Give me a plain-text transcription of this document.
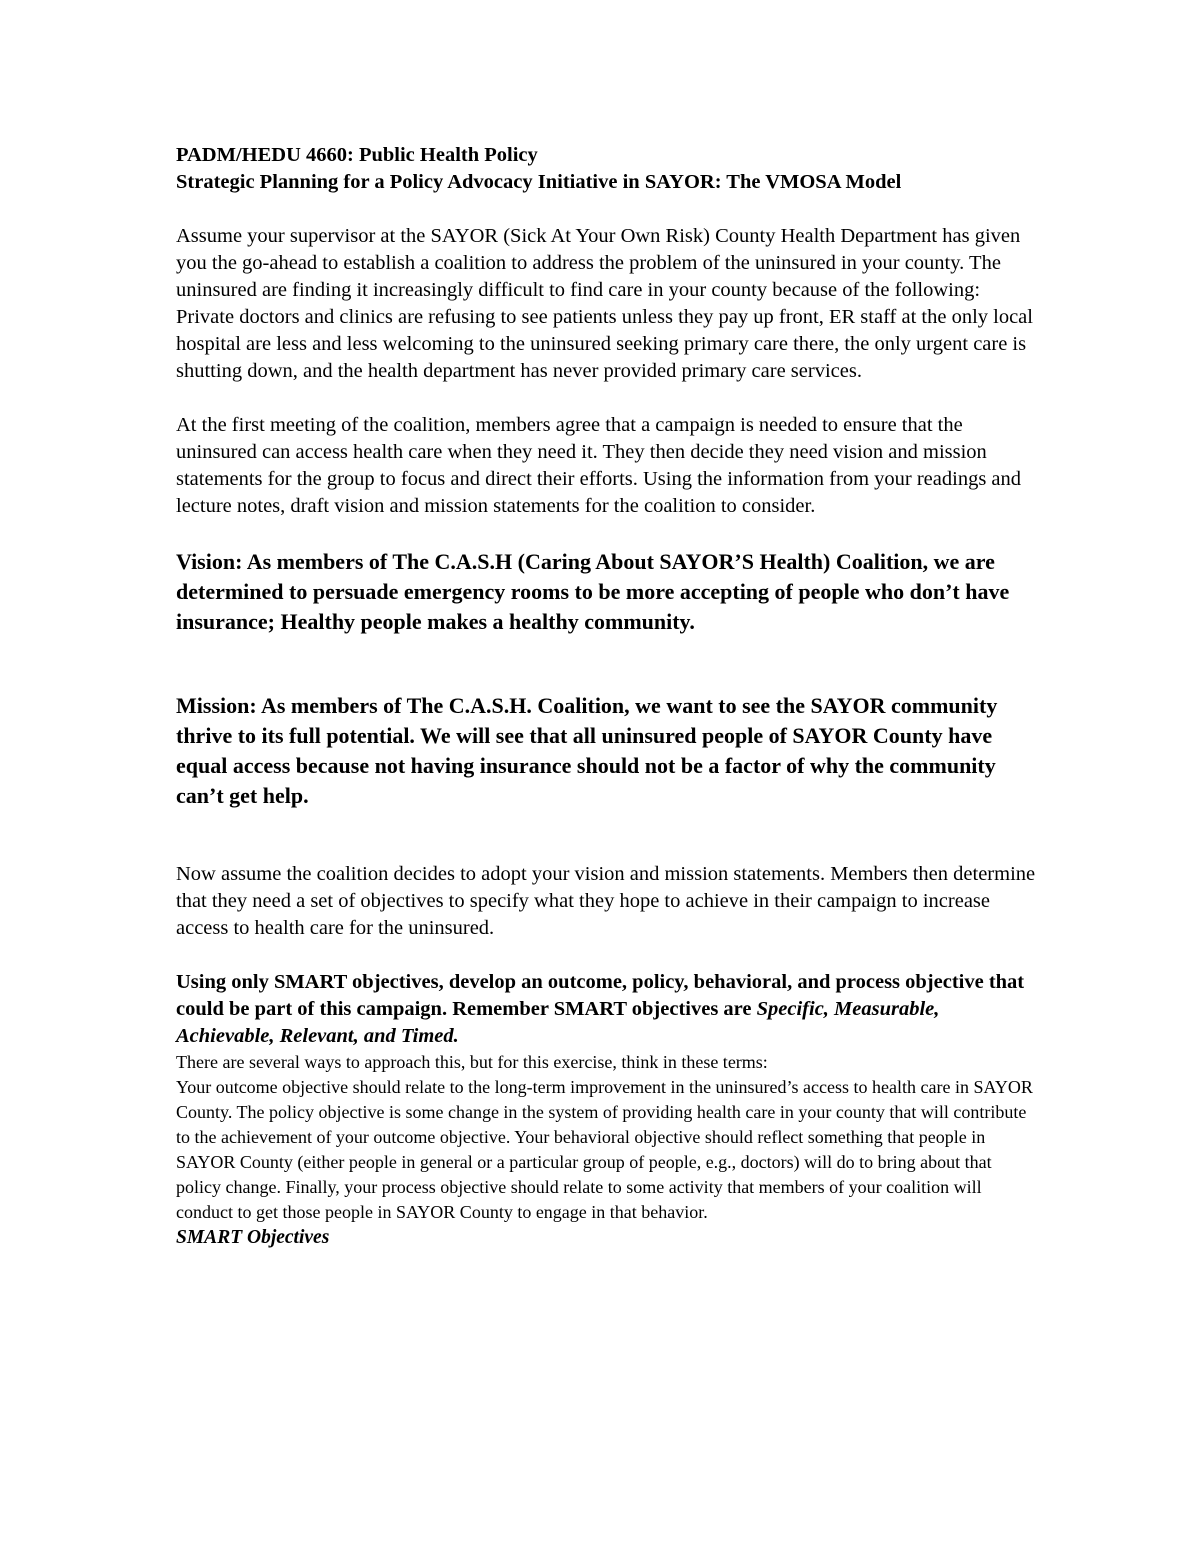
PADM/HEDU 4660: Public Health Policy

Strategic Planning for a Policy Advocacy Initiative in SAYOR: The VMOSA Model

Assume your supervisor at the SAYOR (Sick At Your Own Risk) County Health Department has given you the go-ahead to establish a coalition to address the problem of the uninsured in your county. The uninsured are finding it increasingly difficult to find care in your county because of the following: Private doctors and clinics are refusing to see patients unless they pay up front, ER staff at the only local hospital are less and less welcoming to the uninsured seeking primary care there, the only urgent care is shutting down, and the health department has never provided primary care services.

At the first meeting of the coalition, members agree that a campaign is needed to ensure that the uninsured can access health care when they need it. They then decide they need vision and mission statements for the group to focus and direct their efforts. Using the information from your readings and lecture notes, draft vision and mission statements for the coalition to consider.

Vision: As members of The C.A.S.H (Caring About SAYOR’S Health) Coalition, we are determined to persuade emergency rooms to be more accepting of people who don’t have insurance; Healthy people makes a healthy community.

Mission: As members of The C.A.S.H. Coalition, we want to see the SAYOR community thrive to its full potential. We will see that all uninsured people of SAYOR County have equal access because not having insurance should not be a factor of why the community can’t get help.

Now assume the coalition decides to adopt your vision and mission statements. Members then determine that they need a set of objectives to specify what they hope to achieve in their campaign to increase access to health care for the uninsured.

Using only SMART objectives, develop an outcome, policy, behavioral, and process objective that could be part of this campaign. Remember SMART objectives are Specific, Measurable, Achievable, Relevant, and Timed.

There are several ways to approach this, but for this exercise, think in these terms:

Your outcome objective should relate to the long-term improvement in the uninsured’s access to health care in SAYOR County. The policy objective is some change in the system of providing health care in your county that will contribute to the achievement of your outcome objective. Your behavioral objective should reflect something that people in SAYOR County (either people in general or a particular group of people, e.g., doctors) will do to bring about that policy change. Finally, your process objective should relate to some activity that members of your coalition will conduct to get those people in SAYOR County to engage in that behavior.

SMART Objectives
